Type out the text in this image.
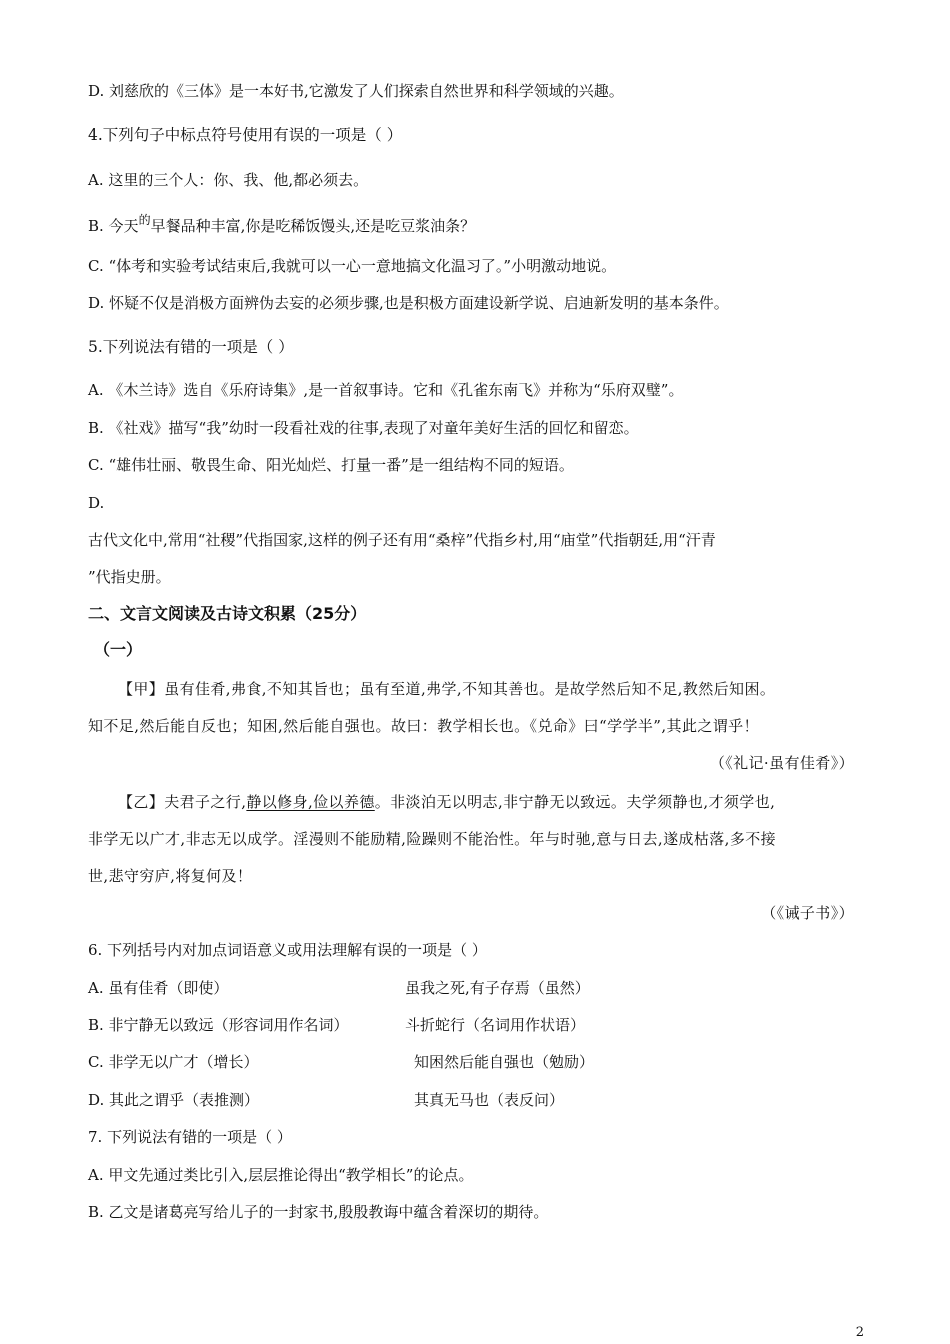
D. 刘慈欣的《三体》是一本好书,它激发了人们探索自然世界和科学领域的兴趣。
4.下列句子中标点符号使用有误的一项是（ ）
A. 这里的三个人：你、我、他,都必须去。
B. 今天$^的$早餐品种丰富,你是吃稀饭馒头,还是吃豆浆油条？
C. “体考和实验考试结束后,我就可以一心一意地搞文化温习了。”小明激动地说。
D. 怀疑不仅是消极方面辨伪去妄的必须步骤,也是积极方面建设新学说、启迪新发明的基本条件。
5.下列说法有错的一项是（ ）
A. 《木兰诗》选自《乐府诗集》,是一首叙事诗。它和《孔雀东南飞》并称为“乐府双璧”。
B. 《社戏》描写“我”幼时一段看社戏的往事,表现了对童年美好生活的回忆和留恋。
C. “雄伟壮丽、敬畏生命、阳光灿烂、打量一番”是一组结构不同的短语。
D.
古代文化中,常用“社稷”代指国家,这样的例子还有用“桑梓”代指乡村,用“庙堂”代指朝廷,用“汗青
”代指史册。
二、文言文阅读及古诗文积累（25分）
（一）
【甲】虽有佳肴,弗食,不知其旨也；虽有至道,弗学,不知其善也。是故学然后知不足,教然后知困。
知不足,然后能自反也；知困,然后能自强也。故曰：教学相长也。《兑命》曰“学学半”,其此之谓乎！
（《礼记·虽有佳肴》）
【乙】夫君子之行,静以修身,俭以养德。非淡泊无以明志,非宁静无以致远。夫学须静也,才须学也,
非学无以广才,非志无以成学。淫漫则不能励精,险躁则不能治性。年与时驰,意与日去,遂成枯落,多不接
世,悲守穷庐,将复何及！
（《诫子书》）
6. 下列括号内对加点词语意义或用法理解有误的一项是（ ）
A. 虽有佳肴（即使）	虽我之死,有子存焉（虽然）
B. 非宁静无以致远（形容词用作名词）	斗折蛇行（名词用作状语）
C. 非学无以广才（增长）	知困然后能自强也（勉励）
D. 其此之谓乎（表推测）	其真无马也（表反问）
7. 下列说法有错的一项是（ ）
A. 甲文先通过类比引入,层层推论得出“教学相长”的论点。
B. 乙文是诸葛亮写给儿子的一封家书,殷殷教诲中蕴含着深切的期待。
2
